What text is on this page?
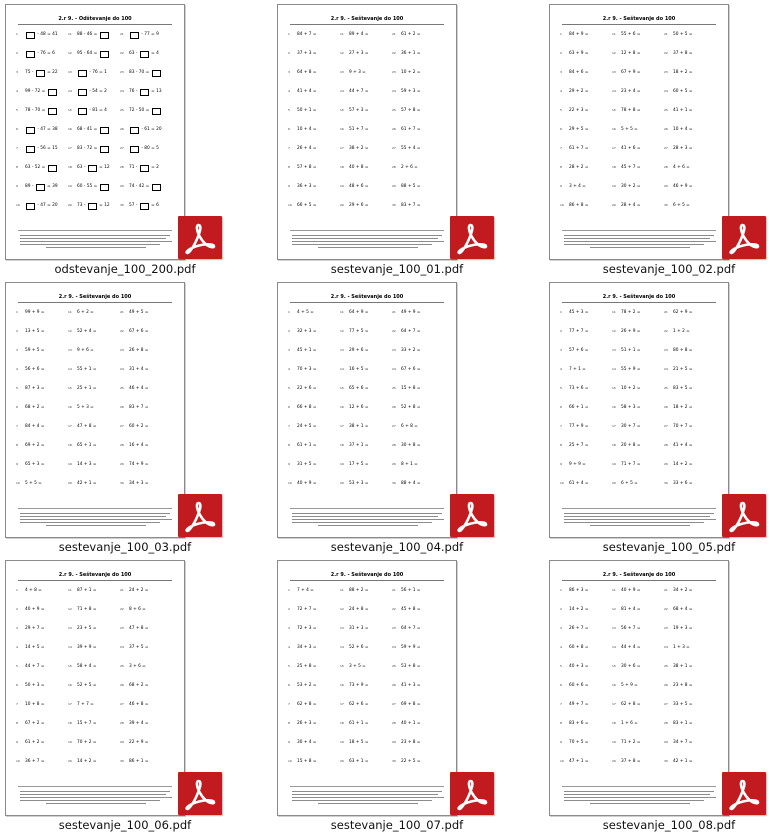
2.r 9. - Odštevanje do 100
1	- 48 = 41	11 88 - 46 =	21	- 77 = 9
2	- 76 = 6	12 95 - 64 =	22 63 -	= 4
3 75 -	= 22	13	- 76 = 1	23 83 - 70 =
4 99 - 72 =	14	- 54 = 2	24 76 -	= 13
5 78 - 70 =	15	- 81 = 4	25 72 - 50 =
6	- 47 = 38	16 68 - 41 =	26	- 61 = 20
7	- 56 = 15	17 83 - 72 =	27	- 80 = 5
8 63 - 52 =	18 63 -	= 12	28 71 -	= 2
9 89 -	= 39	19 60 - 55 =	29 74 - 42 =
10	- 47 = 20	20 73 -	= 12	30 57 -	= 6
odstevanje_100_200.pdf
2.r 9. - Seštevanje do 100
1 84 + 7 =	11 89 + 4 =	21 61 + 2 =
2 37 + 3 =	12 27 + 3 =	22 36 + 1 =
3 64 + 8 =	13 9 + 3 =	23 10 + 2 =
4 41 + 4 =	14 44 + 7 =	24 59 + 3 =
5 50 + 1 =	15 57 + 3 =	25 57 + 8 =
6 10 + 4 =	16 51 + 7 =	26 61 + 7 =
7 26 + 4 =	17 38 + 2 =	27 55 + 4 =
8 57 + 8 =	18 40 + 8 =	28 2 + 6 =
9 36 + 3 =	19 48 + 6 =	29 88 + 5 =
10 66 + 5 =	20 29 + 6 =	30 83 + 7 =
sestevanje_100_01.pdf
2.r 9. - Seštevanje do 100
1 84 + 9 =	11 55 + 6 =	21 50 + 5 =
2 63 + 9 =	12 12 + 8 =	22 37 + 8 =
3 84 + 6 =	13 67 + 9 =	23 18 + 2 =
4 29 + 2 =	14 23 + 4 =	24 60 + 5 =
5 22 + 3 =	15 78 + 8 =	25 41 + 1 =
6 29 + 5 =	16 5 + 5 =	26 10 + 4 =
7 61 + 7 =	17 41 + 6 =	27 28 + 3 =
8 28 + 2 =	18 45 + 7 =	28 4 + 6 =
9 3 + 4 =	19 30 + 2 =	29 46 + 9 =
10 86 + 8 =	20 28 + 4 =	30 6 + 5 =
sestevanje_100_02.pdf
2.r 9. - Seštevanje do 100
1 99 + 9 =	11 6 + 2 =	21 49 + 5 =
2 13 + 5 =	12 52 + 4 =	22 67 + 6 =
3 59 + 5 =	13 9 + 6 =	23 26 + 8 =
4 56 + 6 =	14 55 + 1 =	24 31 + 4 =
5 87 + 3 =	15 25 + 1 =	25 46 + 4 =
6 68 + 2 =	16 5 + 3 =	26 83 + 7 =
7 84 + 4 =	17 47 + 8 =	27 60 + 2 =
8 69 + 2 =	18 65 + 1 =	28 16 + 4 =
9 65 + 3 =	19 14 + 3 =	29 74 + 9 =
10 5 + 5 =	20 42 + 1 =	30 34 + 3 =
sestevanje_100_03.pdf
2.r 9. - Seštevanje do 100
1 4 + 5 =	11 64 + 9 =	21 49 + 9 =
2 32 + 3 =	12 77 + 5 =	22 64 + 7 =
3 45 + 1 =	13 29 + 6 =	23 33 + 2 =
4 70 + 3 =	14 16 + 5 =	24 67 + 6 =
5 22 + 6 =	15 65 + 6 =	25 15 + 8 =
6 66 + 8 =	16 12 + 6 =	26 52 + 8 =
7 24 + 5 =	17 38 + 1 =	27 6 + 8 =
8 61 + 1 =	18 37 + 1 =	28 30 + 8 =
9 31 + 5 =	19 17 + 5 =	29 8 + 1 =
10 40 + 9 =	20 53 + 3 =	30 88 + 4 =
sestevanje_100_04.pdf
2.r 9. - Seštevanje do 100
1 45 + 3 =	11 78 + 2 =	21 62 + 9 =
2 77 + 7 =	12 26 + 9 =	22 1 + 2 =
3 57 + 6 =	13 51 + 1 =	23 80 + 8 =
4 7 + 1 =	14 55 + 9 =	24 21 + 5 =
5 73 + 6 =	15 10 + 2 =	25 83 + 5 =
6 66 + 1 =	16 58 + 3 =	26 18 + 2 =
7 77 + 9 =	17 30 + 7 =	27 70 + 7 =
8 25 + 7 =	18 20 + 8 =	28 41 + 4 =
9 9 + 9 =	19 71 + 7 =	29 14 + 2 =
10 61 + 4 =	20 6 + 5 =	30 33 + 6 =
sestevanje_100_05.pdf
2.r 9. - Seštevanje do 100
1 4 + 8 =	11 87 + 1 =	21 24 + 2 =
2 40 + 9 =	12 71 + 8 =	22 8 + 6 =
3 29 + 7 =	13 23 + 5 =	23 47 + 8 =
4 14 + 5 =	14 39 + 9 =	24 37 + 5 =
5 44 + 7 =	15 58 + 4 =	25 3 + 6 =
6 50 + 3 =	16 52 + 5 =	26 68 + 2 =
7 10 + 8 =	17 7 + 7 =	27 46 + 8 =
8 67 + 2 =	18 15 + 7 =	28 39 + 4 =
9 61 + 2 =	19 70 + 2 =	29 22 + 9 =
10 36 + 7 =	20 14 + 2 =	30 86 + 1 =
sestevanje_100_06.pdf
2.r 9. - Seštevanje do 100
1 7 + 4 =	11 88 + 2 =	21 56 + 1 =
2 72 + 7 =	12 24 + 8 =	22 45 + 8 =
3 72 + 3 =	13 31 + 3 =	23 64 + 7 =
4 34 + 3 =	14 52 + 6 =	24 59 + 9 =
5 25 + 8 =	15 3 + 5 =	25 53 + 8 =
6 53 + 2 =	16 73 + 9 =	26 41 + 3 =
7 62 + 8 =	17 62 + 6 =	27 69 + 8 =
8 26 + 3 =	18 61 + 1 =	28 40 + 1 =
9 30 + 4 =	19 18 + 5 =	29 23 + 8 =
10 15 + 8 =	20 63 + 1 =	30 22 + 5 =
sestevanje_100_07.pdf
2.r 9. - Seštevanje do 100
1 86 + 3 =	11 40 + 9 =	21 34 + 2 =
2 14 + 2 =	12 81 + 4 =	22 68 + 4 =
3 26 + 7 =	13 56 + 7 =	23 19 + 3 =
4 60 + 8 =	14 44 + 4 =	24 1 + 3 =
5 40 + 3 =	15 30 + 6 =	25 38 + 1 =
6 60 + 6 =	16 5 + 9 =	26 23 + 8 =
7 49 + 7 =	17 62 + 8 =	27 33 + 5 =
8 83 + 6 =	18 1 + 6 =	28 83 + 1 =
9 70 + 5 =	19 71 + 2 =	29 34 + 7 =
10 47 + 1 =	20 37 + 8 =	30 42 + 1 =
sestevanje_100_08.pdf
